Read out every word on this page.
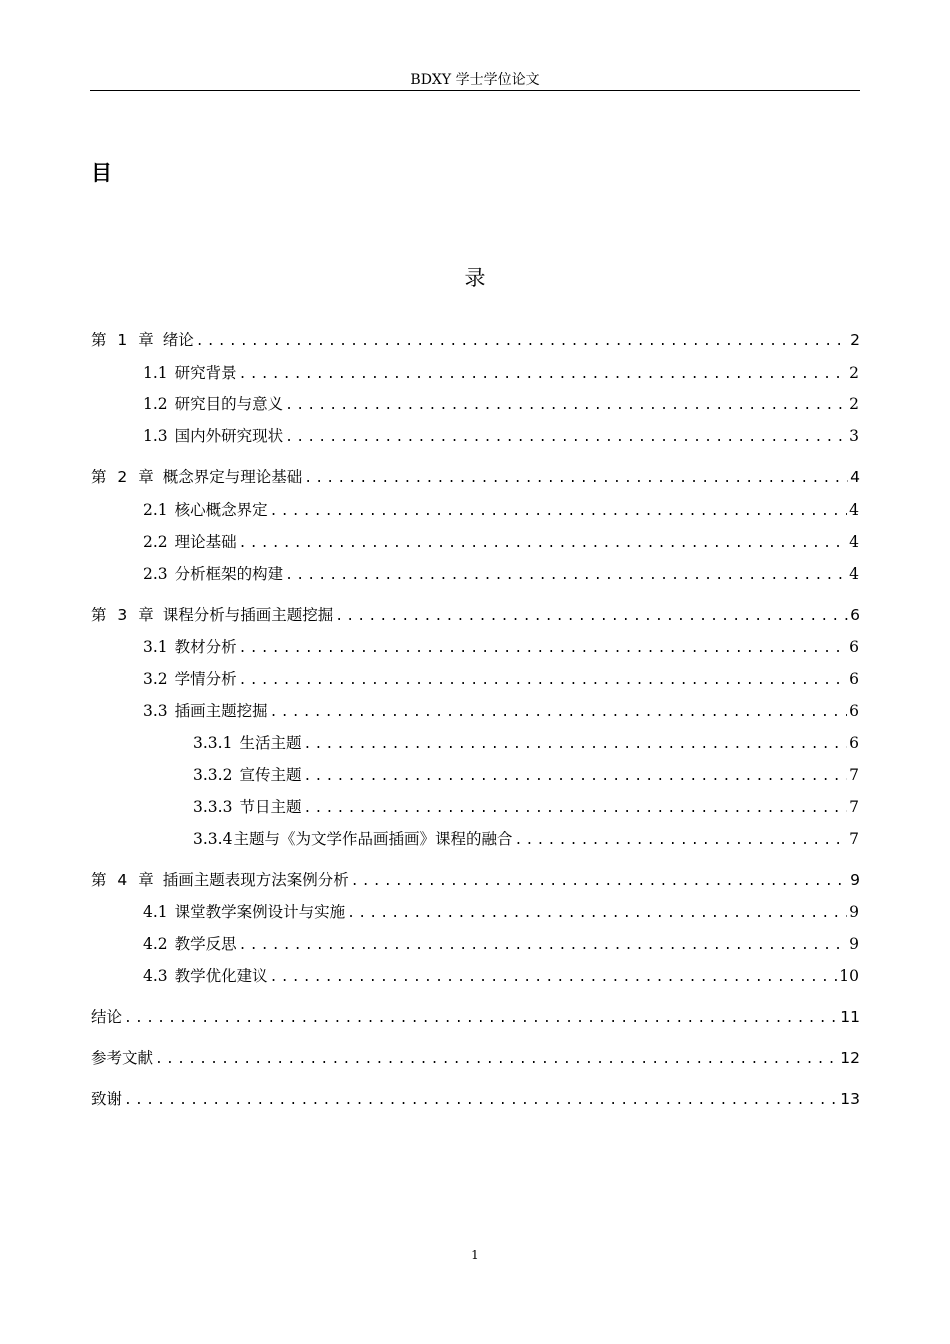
BDXY 学士学位论文
目
录
第 1 章 绪论 .....	2
1.1 研究背景 .....	2
1.2 研究目的与意义 .....	2
1.3 国内外研究现状 .....	3
第 2 章 概念界定与理论基础 .....	4
2.1 核心概念界定 .....	4
2.2 理论基础 .....	4
2.3 分析框架的构建 .....	4
第 3 章 课程分析与插画主题挖掘 .....	6
3.1 教材分析 .....	6
3.2 学情分析 .....	6
3.3 插画主题挖掘 .....	6
3.3.1 生活主题 .....	6
3.3.2 宣传主题 .....	7
3.3.3 节日主题 .....	7
3.3.4主题与《为文学作品画插画》课程的融合 .....	7
第 4 章 插画主题表现方法案例分析 .....	9
4.1 课堂教学案例设计与实施 .....	9
4.2 教学反思 .....	9
4.3 教学优化建议 .....	10
结论 .....	11
参考文献 .....	12
致谢 .....	13
1
